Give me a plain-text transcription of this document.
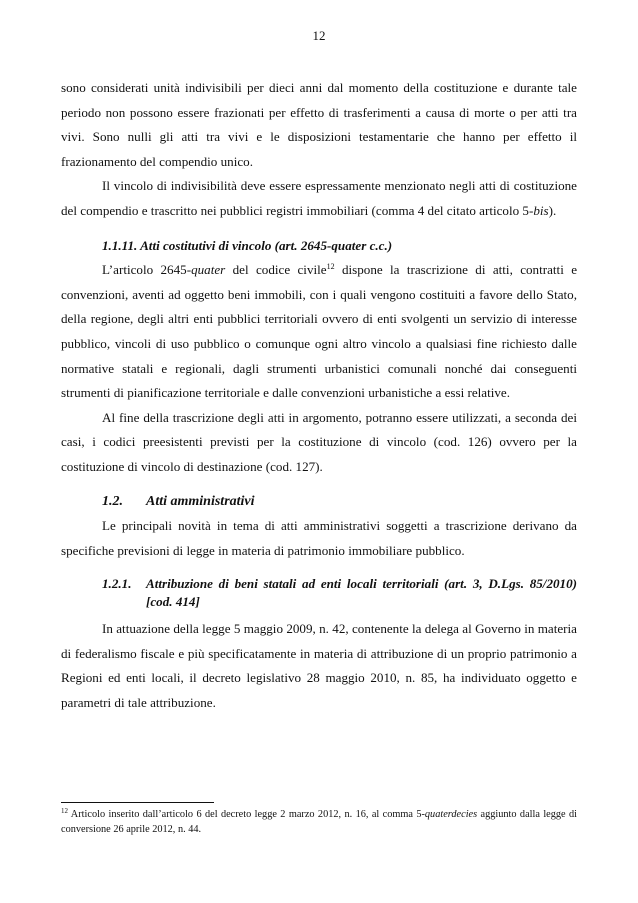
12

sono considerati unità indivisibili per dieci anni dal momento della costituzione e durante tale periodo non possono essere frazionati per effetto di trasferimenti a causa di morte o per atti tra vivi. Sono nulli gli atti tra vivi e le disposizioni testamentarie che hanno per effetto il frazionamento del compendio unico.

Il vincolo di indivisibilità deve essere espressamente menzionato negli atti di costituzione del compendio e trascritto nei pubblici registri immobiliari (comma 4 del citato articolo 5-bis).

1.1.11. Atti costitutivi di vincolo (art. 2645-quater c.c.)

L’articolo 2645-quater del codice civile$^{12}$ dispone la trascrizione di atti, contratti e convenzioni, aventi ad oggetto beni immobili, con i quali vengono costituiti a favore dello Stato, della regione, degli altri enti pubblici territoriali ovvero di enti svolgenti un servizio di interesse pubblico, vincoli di uso pubblico o comunque ogni altro vincolo a qualsiasi fine richiesto dalle normative statali e regionali, dagli strumenti urbanistici comunali nonché dai conseguenti strumenti di pianificazione territoriale e dalle convenzioni urbanistiche a essi relative.

Al fine della trascrizione degli atti in argomento, potranno essere utilizzati, a seconda dei casi, i codici preesistenti previsti per la costituzione di vincolo (cod. 126) ovvero per la costituzione di vincolo di destinazione (cod. 127).

1.2. Atti amministrativi

Le principali novità in tema di atti amministrativi soggetti a trascrizione derivano da specifiche previsioni di legge in materia di patrimonio immobiliare pubblico.

1.2.1.	Attribuzione di beni statali ad enti locali territoriali (art. 3, D.Lgs. 85/2010) [cod. 414]

In attuazione della legge 5 maggio 2009, n. 42, contenente la delega al Governo in materia di federalismo fiscale e più specificatamente in materia di attribuzione di un proprio patrimonio a Regioni ed enti locali, il decreto legislativo 28 maggio 2010, n. 85, ha individuato oggetto e parametri di tale attribuzione.

$^{12}$ Articolo inserito dall’articolo 6 del decreto legge 2 marzo 2012, n. 16, al comma 5-quaterdecies aggiunto dalla legge di conversione 26 aprile 2012, n. 44.
